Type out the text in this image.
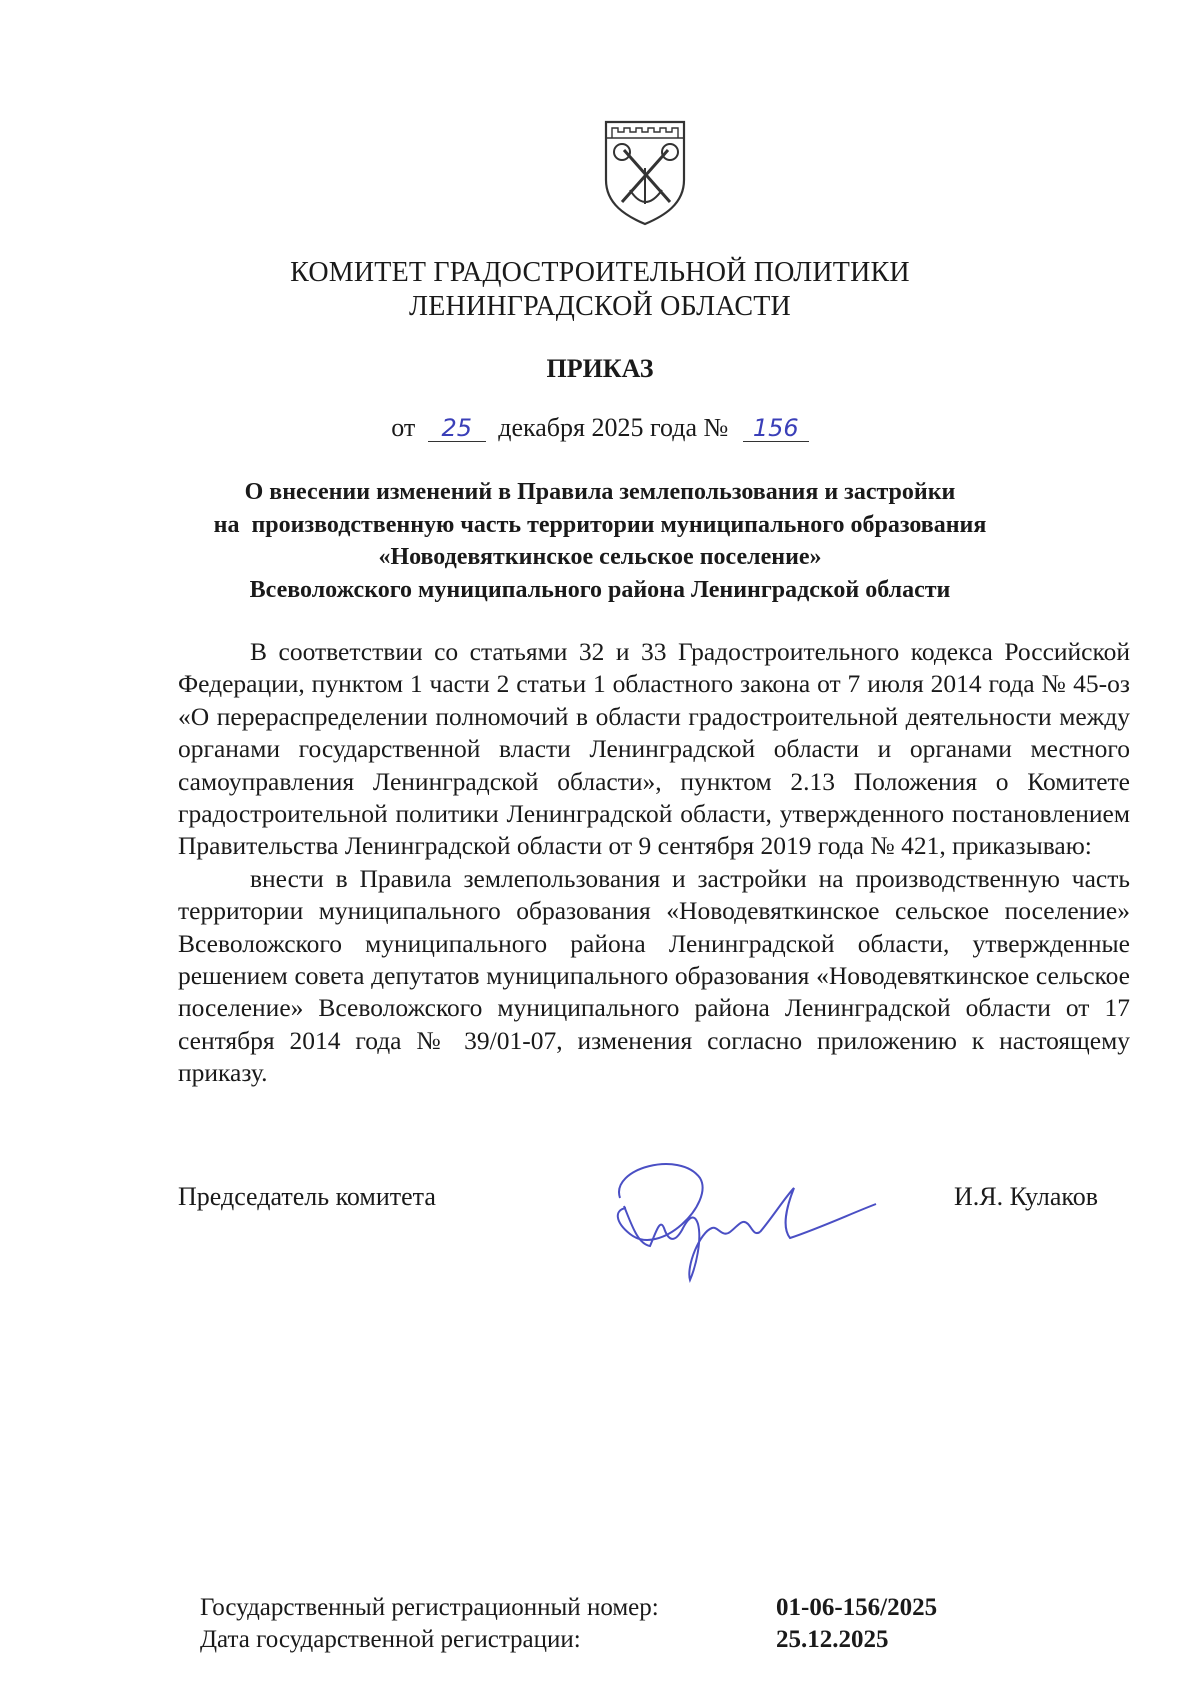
КОМИТЕТ ГРАДОСТРОИТЕЛЬНОЙ ПОЛИТИКИ
ЛЕНИНГРАДСКОЙ ОБЛАСТИ
ПРИКАЗ
от 25 декабря 2025 года № 156
О внесении изменений в Правила землепользования и застройки
на  производственную часть территории муниципального образования
«Новодевяткинское сельское поселение»
Всеволожского муниципального района Ленинградской области

В соответствии со статьями 32 и 33 Градостроительного кодекса Российской Федерации, пунктом 1 части 2 статьи 1 областного закона от 7 июля 2014 года № 45-оз «О перераспределении полномочий в области градостроительной деятельности между органами государственной власти Ленинградской области и органами местного самоуправления Ленинградской области», пунктом 2.13 Положения о Комитете градостроительной политики Ленинградской области, утвержденного постановлением Правительства Ленинградской области от 9 сентября 2019 года № 421, приказываю:

внести в Правила землепользования и застройки на производственную часть территории муниципального образования «Новодевяткинское сельское поселение» Всеволожского муниципального района Ленинградской области, утвержденные решением совета депутатов муниципального образования «Новодевяткинское сельское поселение» Всеволожского муниципального района Ленинградской области от 17 сентября 2014 года № 39/01-07, изменения согласно приложению к настоящему приказу.

Председатель комитета	И.Я. Кулаков
Государственный регистрационный номер:
Дата государственной регистрации:
01-06-156/2025
25.12.2025
